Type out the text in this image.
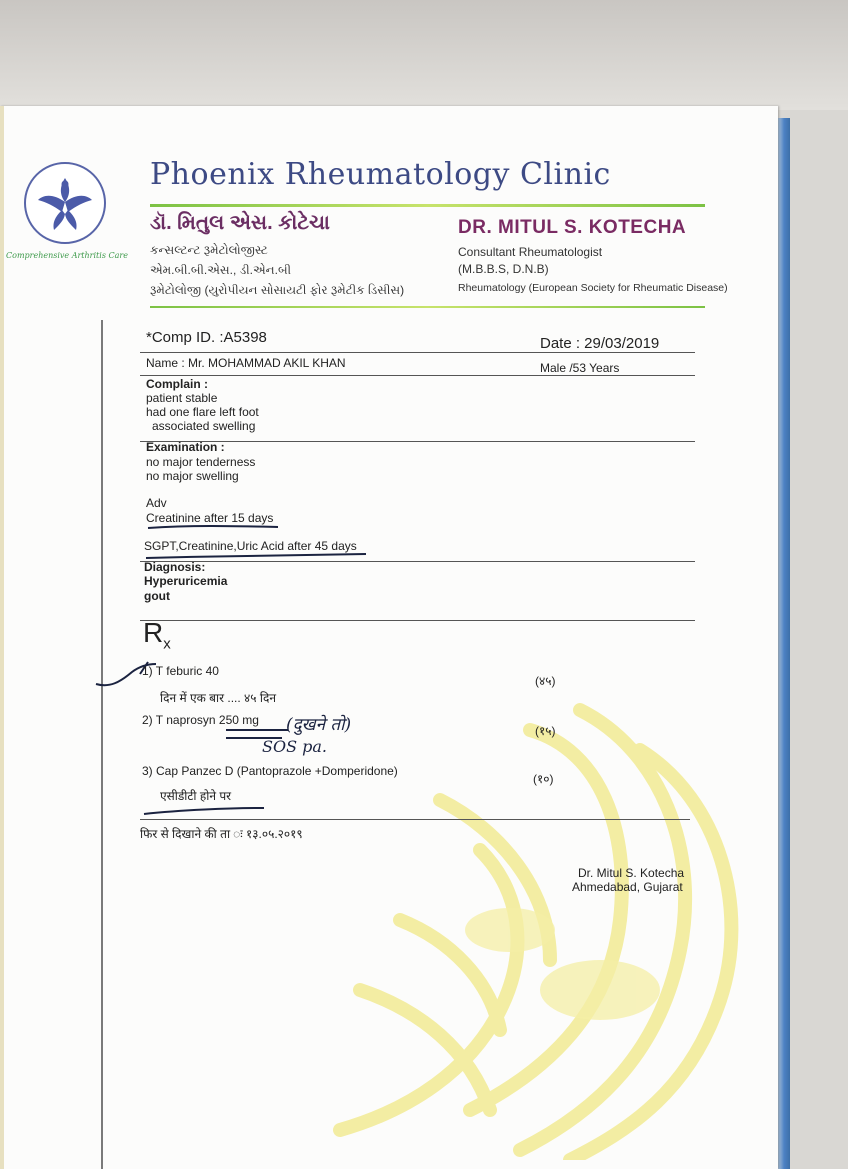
Comprehensive Arthritis Care
Phoenix Rheumatology Clinic
ડૉ. મિતુલ એસ. કોટેચા
કન્સલ્ટન્ટ રૂમેટોલોજીસ્ટ
એમ.બી.બી.એસ., ડી.એન.બી
રૂમેટોલોજી (યુરોપીયન સોસાયટી ફોર રૂમેટીક ડિસીસ)
DR. MITUL S. KOTECHA
Consultant Rheumatologist
(M.B.B.S, D.N.B)
Rheumatology (European Society for Rheumatic Disease)
*Comp ID. :A5398	Date : 29/03/2019
Name : Mr. MOHAMMAD AKIL KHAN	Male /53 Years
Complain :
patient stable
had one flare left foot
associated swelling
Examination :
no major tenderness
no major swelling
Adv
Creatinine after 15 days
SGPT,Creatinine,Uric Acid after 45 days
Diagnosis:
Hyperuricemia
gout
$R_x$
1) T feburic 40
(४५)
दिन में एक बार .... ४५ दिन
2) T naprosyn 250 mg
(१५)
(दुखने तो)
SOS pa.
3) Cap Panzec D (Pantoprazole +Domperidone)
(१०)
एसीडीटी होने पर
फिर से दिखाने की ता ः १३.०५.२०१९
Dr. Mitul S. Kotecha
Ahmedabad, Gujarat
